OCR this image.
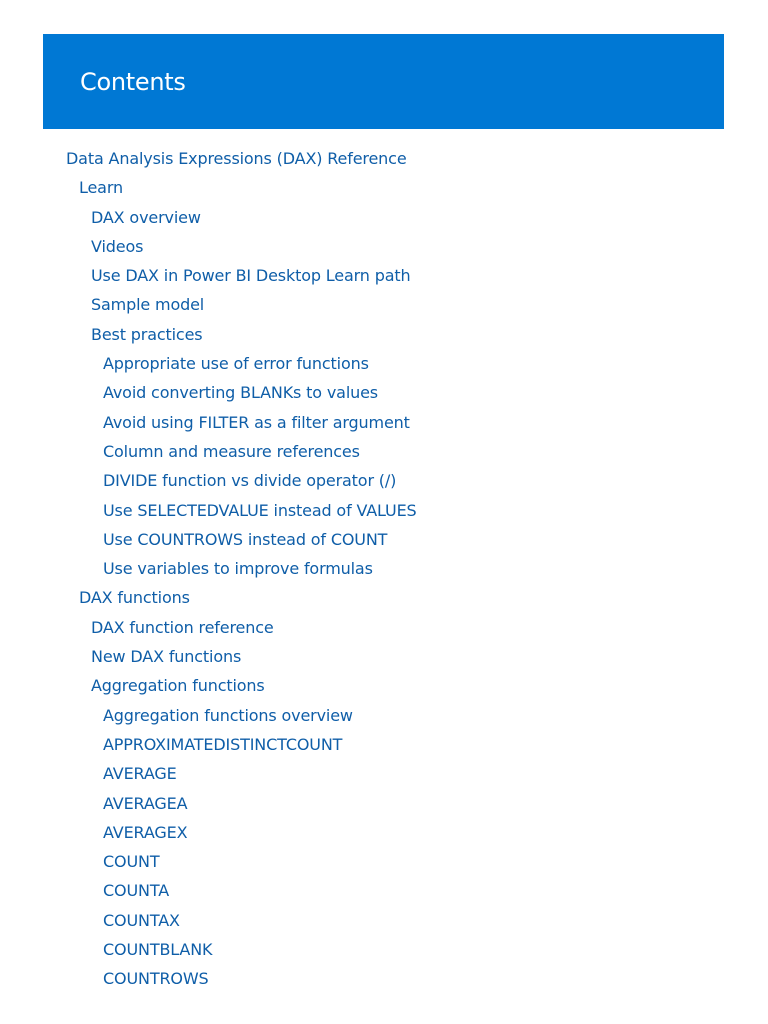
Contents
Data Analysis Expressions (DAX) Reference
Learn
DAX overview
Videos
Use DAX in Power BI Desktop Learn path
Sample model
Best practices
Appropriate use of error functions
Avoid converting BLANKs to values
Avoid using FILTER as a filter argument
Column and measure references
DIVIDE function vs divide operator (/)
Use SELECTEDVALUE instead of VALUES
Use COUNTROWS instead of COUNT
Use variables to improve formulas
DAX functions
DAX function reference
New DAX functions
Aggregation functions
Aggregation functions overview
APPROXIMATEDISTINCTCOUNT
AVERAGE
AVERAGEA
AVERAGEX
COUNT
COUNTA
COUNTAX
COUNTBLANK
COUNTROWS
